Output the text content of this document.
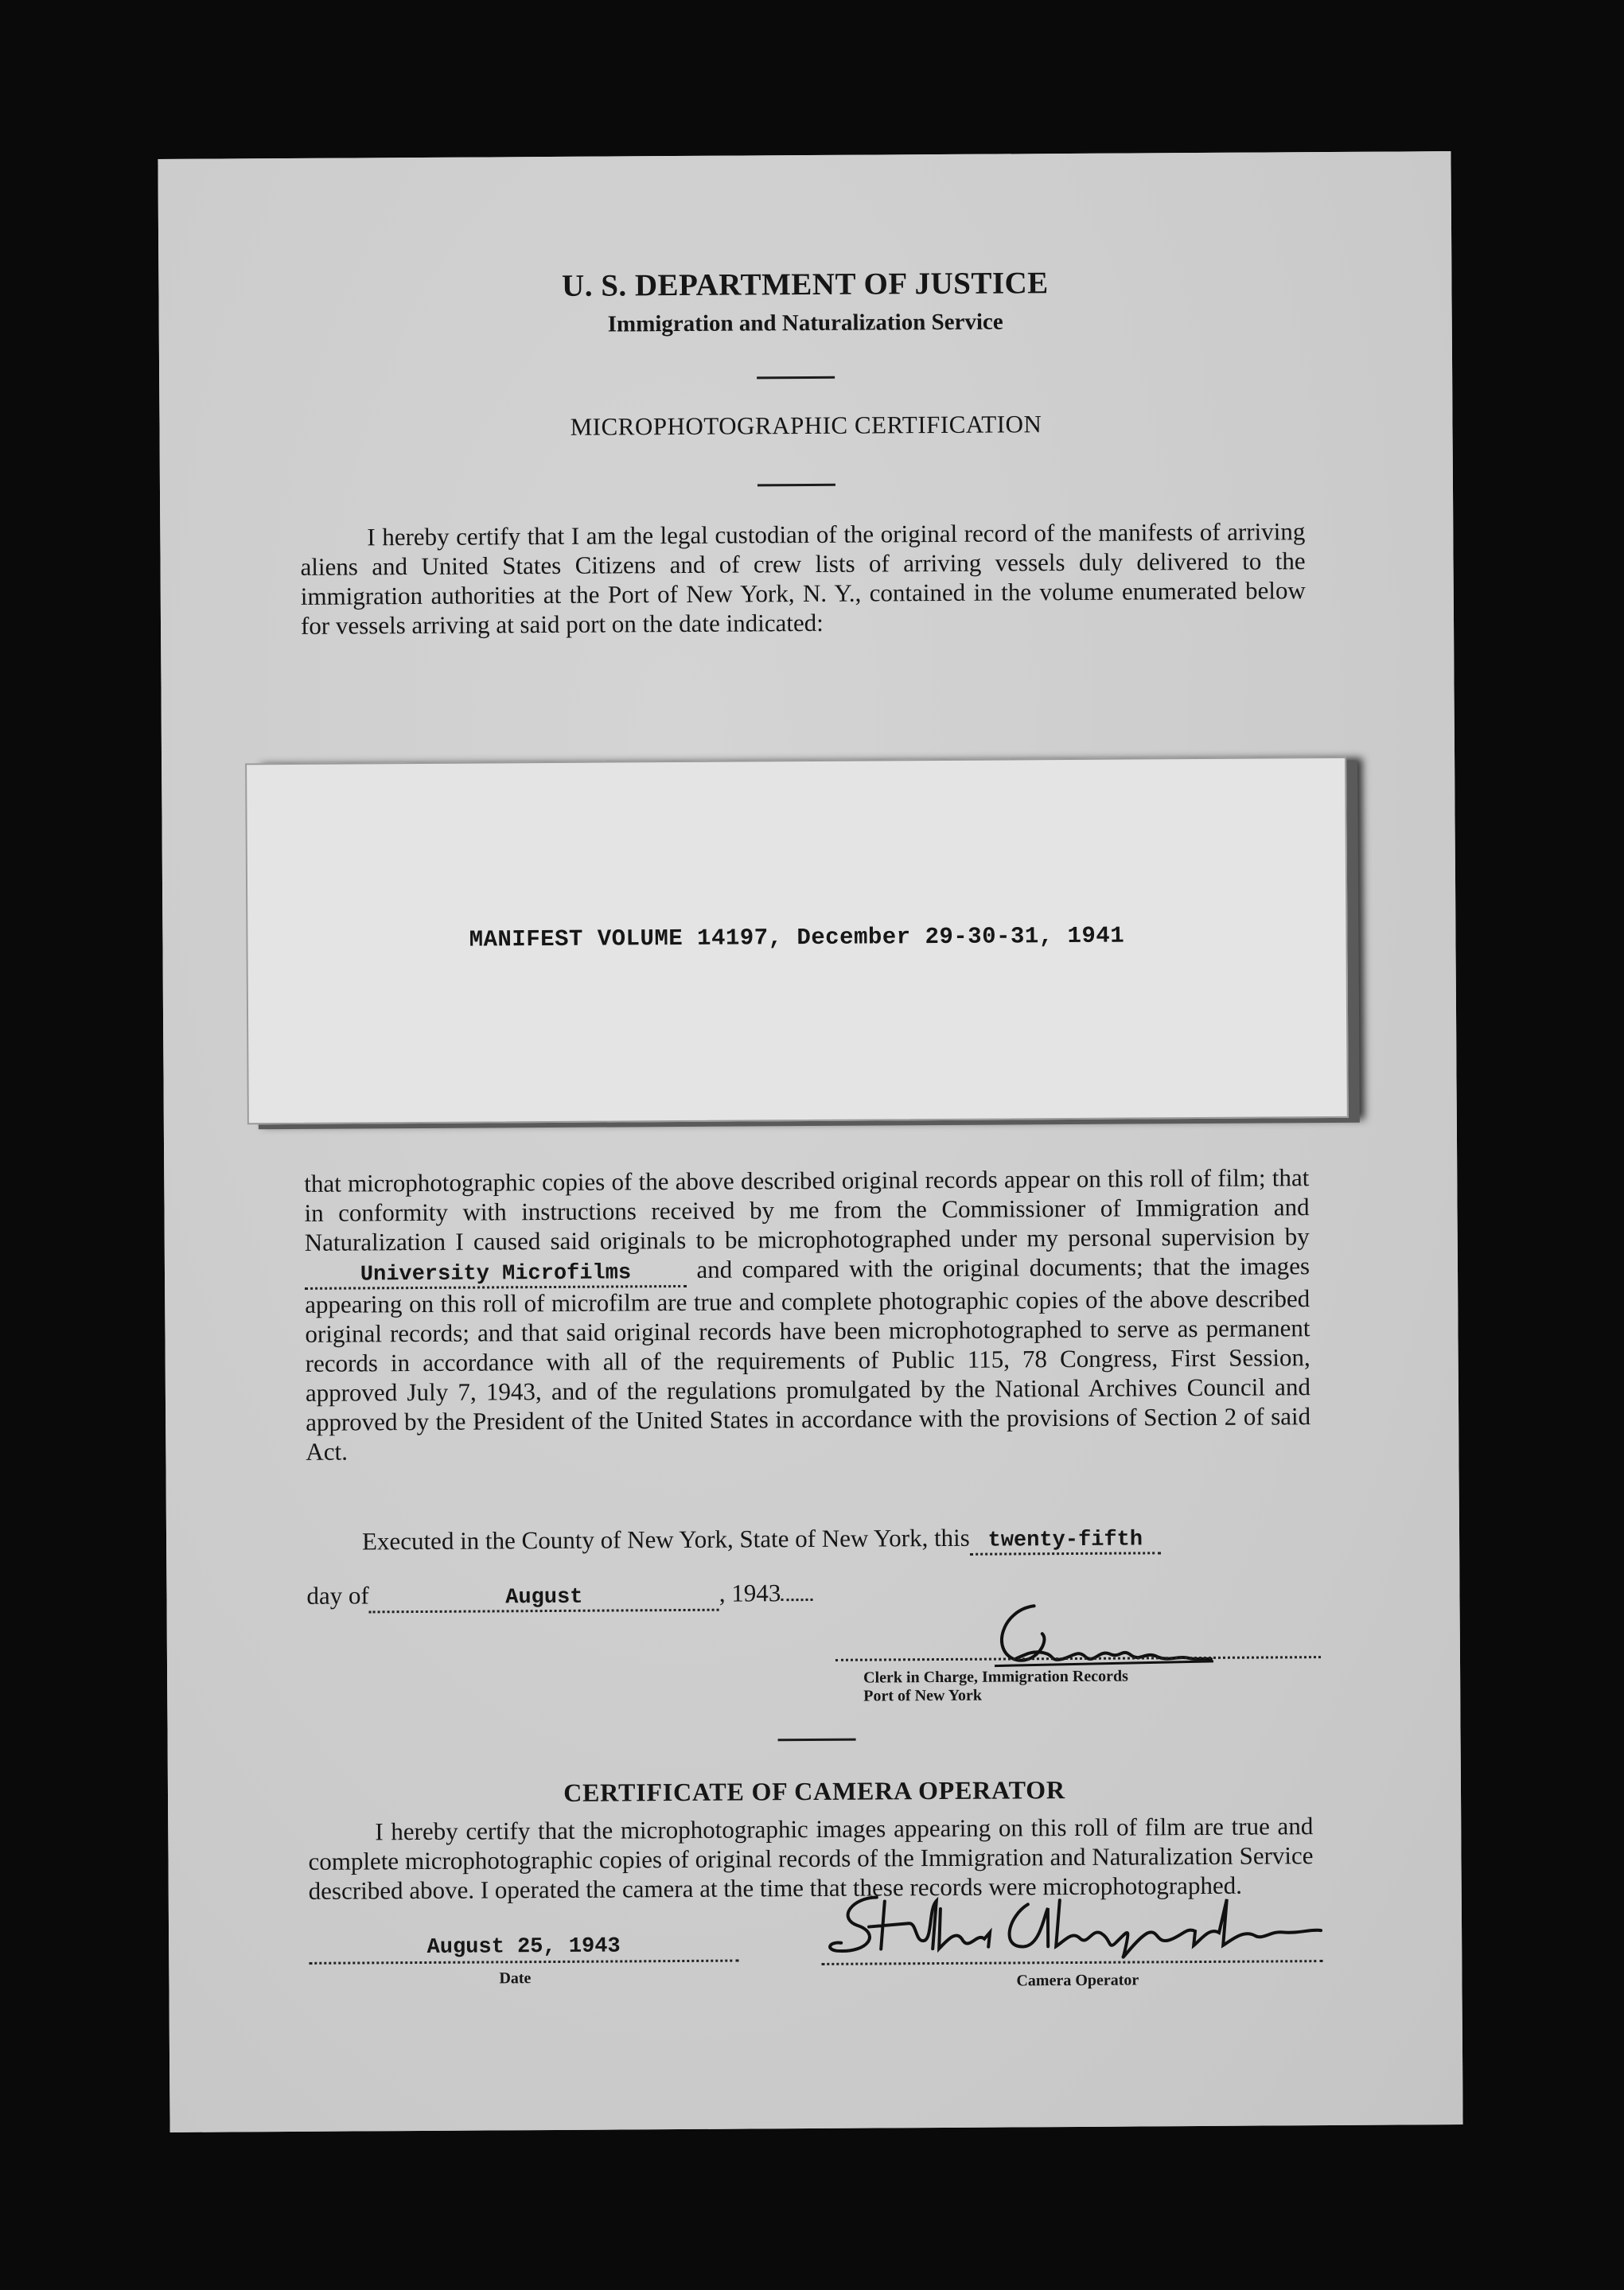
U. S. DEPARTMENT OF JUSTICE
Immigration and Naturalization Service
MICROPHOTOGRAPHIC CERTIFICATION
I hereby certify that I am the legal custodian of the original record of the manifests of arriving aliens and United States Citizens and of crew lists of arriving vessels duly delivered to the immigration authorities at the Port of New York, N. Y., contained in the volume enumerated below for vessels arriving at said port on the date indicated:
MANIFEST VOLUME 14197, December 29-30-31, 1941
that microphotographic copies of the above described original records appear on this roll of film; that in conformity with instructions received by me from the Commissioner of Immigration and Naturalization I caused said originals to be microphotographed under my personal supervision by University Microfilms	and compared with the original documents; that the images appearing on this roll of microfilm are true and complete photographic copies of the above described original records; and that said original records have been microphotographed to serve as permanent records in accordance with all of the requirements of Public 115, 78 Congress, First Session, approved July 7, 1943, and of the regulations promulgated by the National Archives Council and approved by the President of the United States in accordance with the provisions of Section 2 of said Act.
Executed in the County of New York, State of New York, this twenty-fifth
day of	August	, 1943
Clerk in Charge, Immigration Records
Port of New York
CERTIFICATE OF CAMERA OPERATOR
I hereby certify that the microphotographic images appearing on this roll of film are true and complete microphotographic copies of original records of the Immigration and Naturalization Service described above. I operated the camera at the time that these records were microphotographed.
August 25, 1943
Date	Camera Operator
